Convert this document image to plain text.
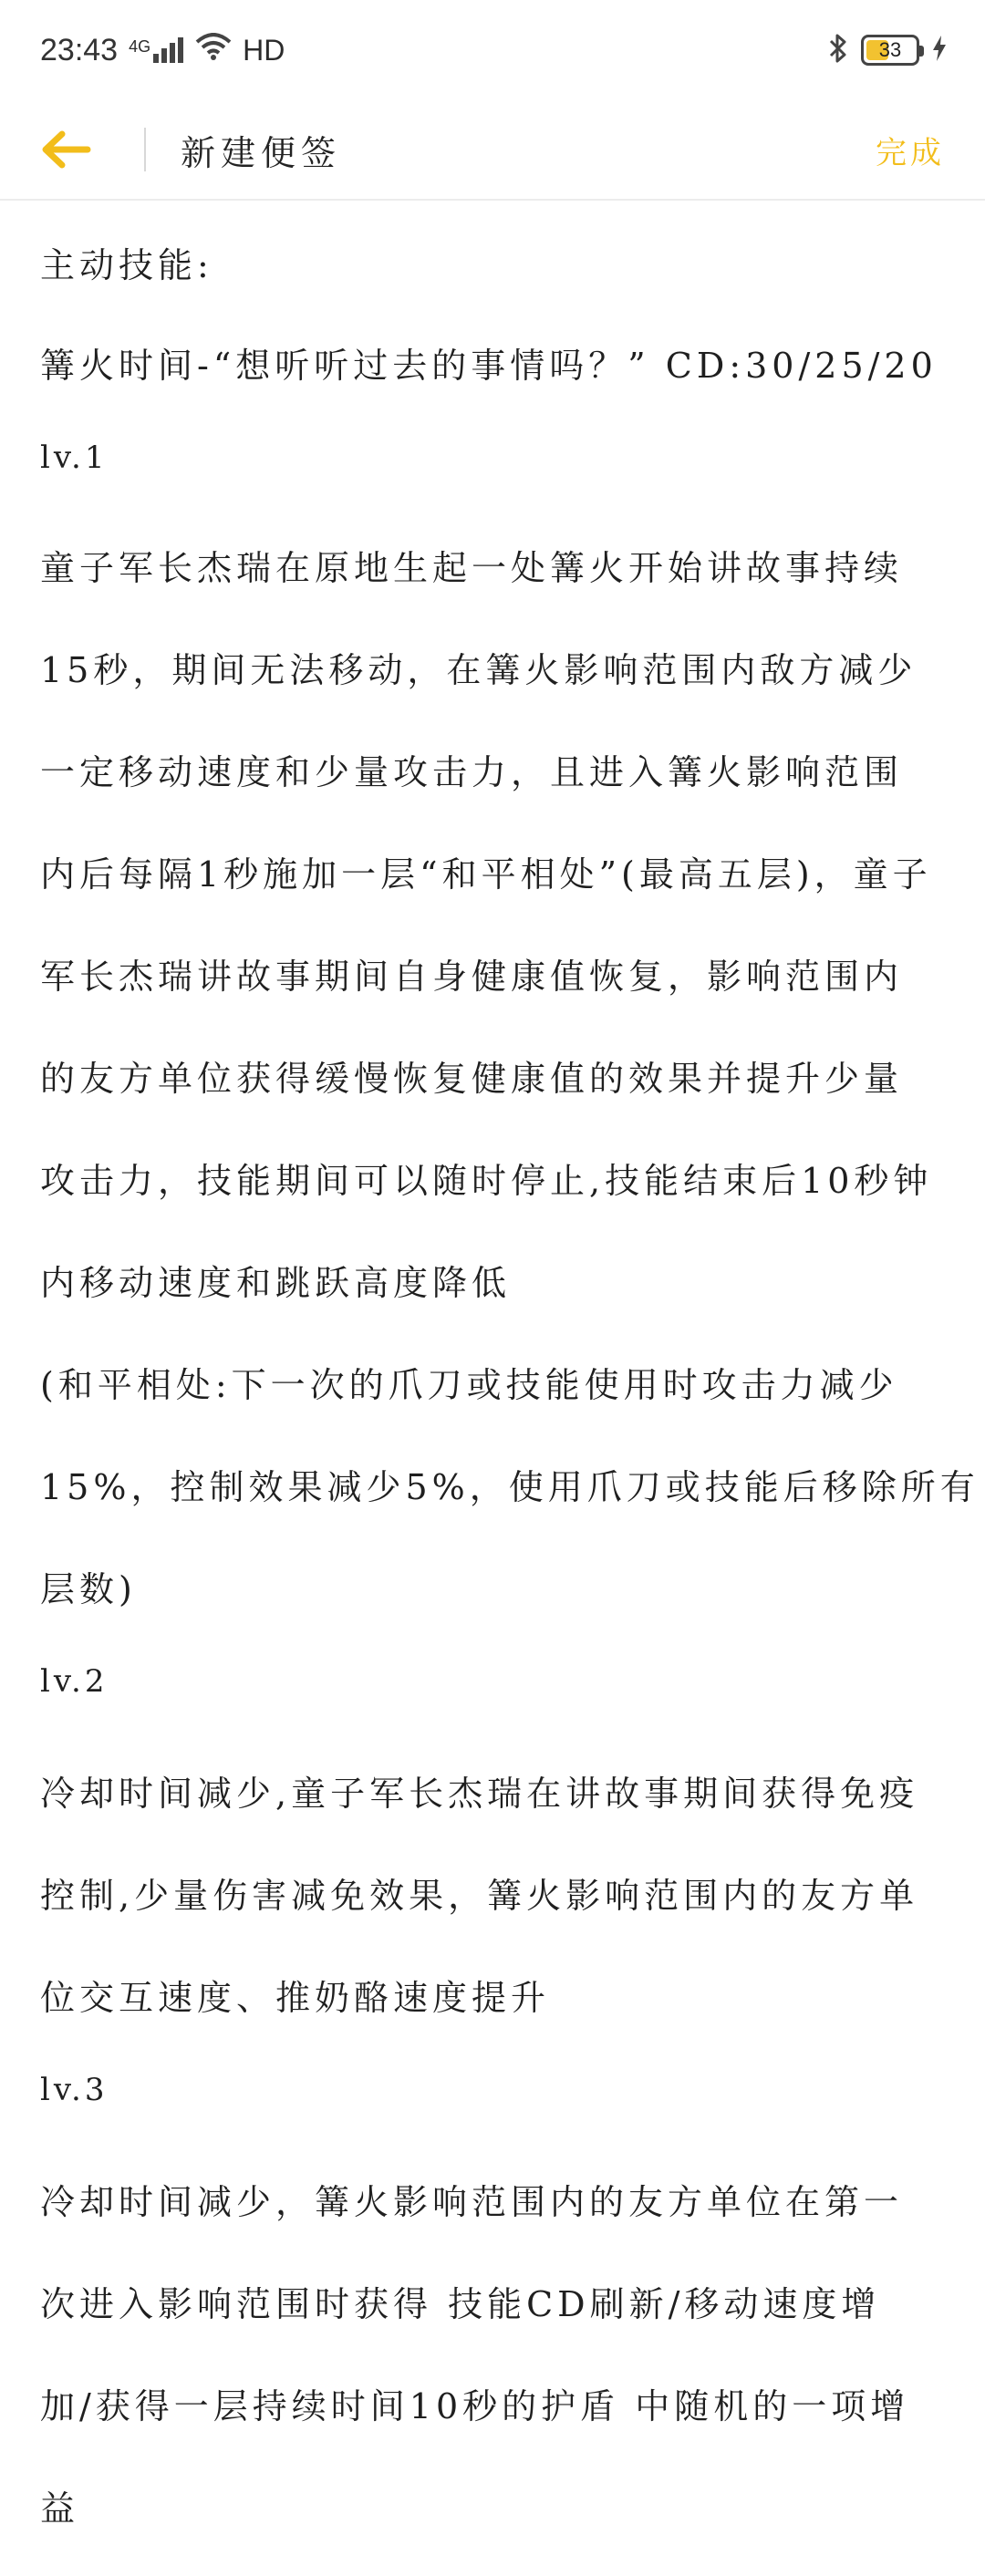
23:43 4G	HD	33
新建便签	完成
主动技能:
篝火时间-“想听听过去的事情吗？” CD:30/25/20
lv.1
童子军长杰瑞在原地生起一处篝火开始讲故事持续
15秒，期间无法移动，在篝火影响范围内敌方减少
一定移动速度和少量攻击力，且进入篝火影响范围
内后每隔1秒施加一层“和平相处”(最高五层)，童子
军长杰瑞讲故事期间自身健康值恢复，影响范围内
的友方单位获得缓慢恢复健康值的效果并提升少量
攻击力，技能期间可以随时停止,技能结束后10秒钟
内移动速度和跳跃高度降低
(和平相处:下一次的爪刀或技能使用时攻击力减少
15%，控制效果减少5%，使用爪刀或技能后移除所有
层数)
lv.2
冷却时间减少,童子军长杰瑞在讲故事期间获得免疫
控制,少量伤害减免效果，篝火影响范围内的友方单
位交互速度、推奶酪速度提升
lv.3
冷却时间减少，篝火影响范围内的友方单位在第一
次进入影响范围时获得 技能CD刷新/移动速度增
加/获得一层持续时间10秒的护盾 中随机的一项增
益
